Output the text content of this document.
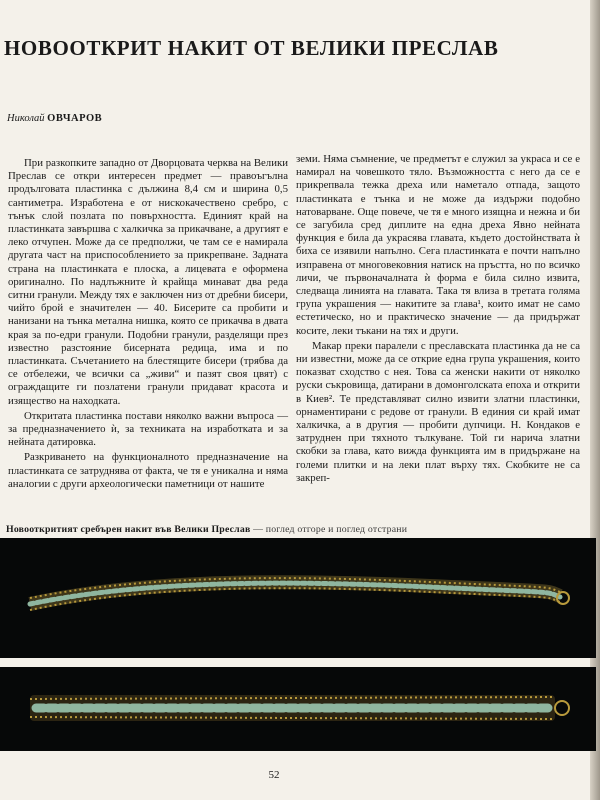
НОВООТКРИТ НАКИТ ОТ ВЕЛИКИ ПРЕСЛАВ
Николай ОВЧАРОВ

При разкопките западно от Дворцовата черква на Велики Преслав се откри интересен предмет — правоъгълна продълговата пластинка с дължина 8,4 см и ширина 0,5 сантиметра. Изработена е от нискокачествено сребро, с тънък слой позлата по повърхността. Единият край на пластинката завършва с халкичка за прикачване, а другият е леко отчупен. Може да се предполжи, че там се е намирала другата част на приспособлението за прикрепване. Задната страна на пластинката е плоска, а лицевата е оформена оригинално. По надлъжните ѝ крайща минават два реда ситни гранули. Между тях е заключен низ от дребни бисери, чийто брой е значителен — 40. Бисерите са пробити и нанизани на тънка метална нишка, която се прикачва в двата края за по-едри гранули. Подобни гранули, разделящи през известно разстояние бисерната редица, има и по пластинката. Съчетанието на блестящите бисери (трябва да се отбележи, че всички са „живи“ и пазят своя цвят) с ограждащите ги позлатени гранули придават красота и изящество на находката.

Откритата пластинка постави няколко важни въпроса — за предназначението ѝ, за техниката на изработката и за нейната датировка.

Разкриването на функционалното предназначение на пластинката се затруднява от факта, че тя е уникална и няма аналогии с други археологически паметници от нашите

земи. Няма съмнение, че предметът е служил за украса и се е намирал на човешкото тяло. Възможността с него да се е прикрепвала тежка дреха или наметало отпада, защото пластинката е тънка и не може да издържи подобно натоварване. Още повече, че тя е много изящна и нежна и би се загубила сред диплите на една дреха Явно нейната функция е била да украсява главата, където достойнствата ѝ биха се изявили напълно. Сега пластинката е почти напълно изправена от многовековния натиск на пръстта, но по всичко личи, че първоначалната ѝ форма е била силно извита, следваща линията на главата. Така тя влиза в третата голяма група украшения — накитите за глава¹, които имат не само естетическо, но и практическо значение — да придържат косите, леки тъкани на тях и други.

Макар преки паралели с преславската пластинка да не са ни известни, може да се открие една група украшения, които показват сходство с нея. Това са женски накити от няколко руски съкровища, датирани в домонголската епоха и открити в Киев². Те представляват силно извити златни пластинки, орнаментирани с редове от гранули. В единия си край имат халкичка, а в другия — пробити дупчици. Н. Кондаков е затруднен при тяхното тълкуване. Той ги нарича златни скобки за глава, като вижда функцията им в придържане на големи плитки и на леки плат върху тях. Скобките не са закреп-

Новооткритият сребърен накит във Велики Преслав — поглед отгоре и поглед отстрани
52
